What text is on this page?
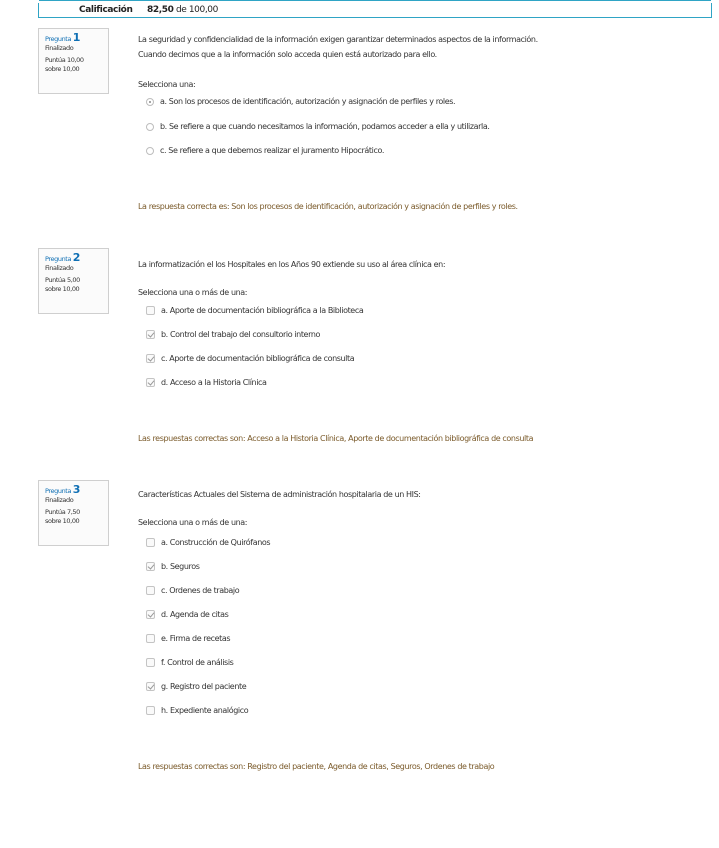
Calificación 82,50 de 100,00
Pregunta 1
Finalizado
Puntúa 10,00
sobre 10,00
La seguridad y confidencialidad de la información exigen garantizar determinados aspectos de la información.
Cuando decimos que a la información solo acceda quien está autorizado para ello.
Selecciona una:
a. Son los procesos de identificación, autorización y asignación de perfiles y roles.
b. Se refiere a que cuando necesitamos la información, podamos acceder a ella y utilizarla.
c. Se refiere a que debemos realizar el juramento Hipocrático.
La respuesta correcta es: Son los procesos de identificación, autorización y asignación de perfiles y roles.
Pregunta 2
Finalizado
Puntúa 5,00
sobre 10,00
La informatización el los Hospitales en los Años 90 extiende su uso al área clínica en:
Selecciona una o más de una:
a. Aporte de documentación bibliográfica a la Biblioteca
b. Control del trabajo del consultorio interno
c. Aporte de documentación bibliográfica de consulta
d. Acceso a la Historia Clínica
Las respuestas correctas son: Acceso a la Historia Clínica, Aporte de documentación bibliográfica de consulta
Pregunta 3
Finalizado
Puntúa 7,50
sobre 10,00
Características Actuales del Sistema de administración hospitalaria de un HIS:
Selecciona una o más de una:
a. Construcción de Quirófanos
b. Seguros
c. Ordenes de trabajo
d. Agenda de citas
e. Firma de recetas
f. Control de análisis
g. Registro del paciente
h. Expediente analógico
Las respuestas correctas son: Registro del paciente, Agenda de citas, Seguros, Ordenes de trabajo
